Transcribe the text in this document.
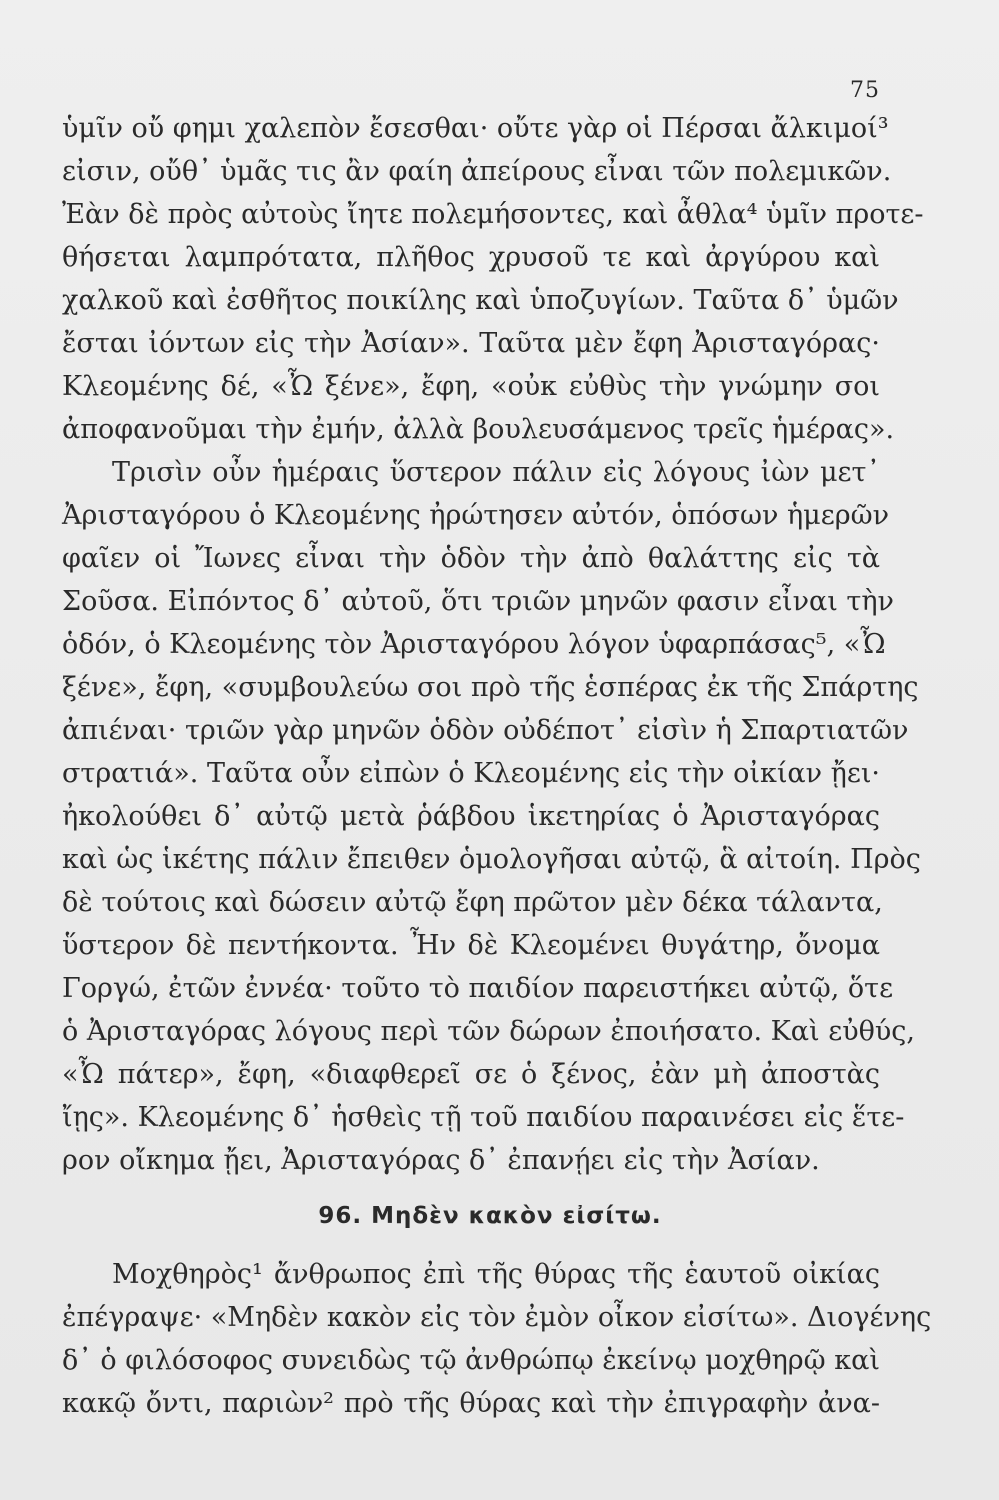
75
ὑμῖν οὔ φημι χαλεπὸν ἔσεσθαι· οὔτε γὰρ οἱ Πέρσαι ἄλκιμοί³
εἰσιν, οὔθ᾿ ὑμᾶς τις ἂν φαίη ἀπείρους εἶναι τῶν πολεμικῶν.
Ἐὰν δὲ πρὸς αὐτοὺς ἴητε πολεμήσοντες, καὶ ἆθλα⁴ ὑμῖν προτε-
θήσεται λαμπρότατα, πλῆθος χρυσοῦ τε καὶ ἀργύρου καὶ
χαλκοῦ καὶ ἐσθῆτος ποικίλης καὶ ὑποζυγίων. Ταῦτα δ᾿ ὑμῶν
ἔσται ἰόντων εἰς τὴν Ἀσίαν». Ταῦτα μὲν ἔφη Ἀρισταγόρας·
Κλεομένης δέ, «Ὦ ξένε», ἔφη, «οὐκ εὐθὺς τὴν γνώμην σοι
ἀποφανοῦμαι τὴν ἐμήν, ἀλλὰ βουλευσάμενος τρεῖς ἡμέρας».
Τρισὶν οὖν ἡμέραις ὕστερον πάλιν εἰς λόγους ἰὼν μετ᾿
Ἀρισταγόρου ὁ Κλεομένης ἠρώτησεν αὐτόν, ὁπόσων ἡμερῶν
φαῖεν οἱ Ἴωνες εἶναι τὴν ὁδὸν τὴν ἀπὸ θαλάττης εἰς τὰ
Σοῦσα. Εἰπόντος δ᾿ αὐτοῦ, ὅτι τριῶν μηνῶν φασιν εἶναι τὴν
ὁδόν, ὁ Κλεομένης τὸν Ἀρισταγόρου λόγον ὑφαρπάσας⁵, «Ὦ
ξένε», ἔφη, «συμβουλεύω σοι πρὸ τῆς ἑσπέρας ἐκ τῆς Σπάρτης
ἀπιέναι· τριῶν γὰρ μηνῶν ὁδὸν οὐδέποτ᾿ εἰσὶν ἡ Σπαρτιατῶν
στρατιά». Ταῦτα οὖν εἰπὼν ὁ Κλεομένης εἰς τὴν οἰκίαν ᾔει·
ἠκολούθει δ᾿ αὐτῷ μετὰ ῥάβδου ἱκετηρίας ὁ Ἀρισταγόρας
καὶ ὡς ἱκέτης πάλιν ἔπειθεν ὁμολογῆσαι αὐτῷ, ἃ αἰτοίη. Πρὸς
δὲ τούτοις καὶ δώσειν αὐτῷ ἔφη πρῶτον μὲν δέκα τάλαντα,
ὕστερον δὲ πεντήκοντα. Ἦν δὲ Κλεομένει θυγάτηρ, ὄνομα
Γοργώ, ἐτῶν ἐννέα· τοῦτο τὸ παιδίον παρειστήκει αὐτῷ, ὅτε
ὁ Ἀρισταγόρας λόγους περὶ τῶν δώρων ἐποιήσατο. Καὶ εὐθύς,
«Ὦ πάτερ», ἔφη, «διαφθερεῖ σε ὁ ξένος, ἐὰν μὴ ἀποστὰς
ἴῃς». Κλεομένης δ᾿ ἡσθεὶς τῇ τοῦ παιδίου παραινέσει εἰς ἕτε-
ρον οἴκημα ᾔει, Ἀρισταγόρας δ᾿ ἐπανῄει εἰς τὴν Ἀσίαν.
96. Μηδὲν κακὸν εἰσίτω.
Μοχθηρὸς¹ ἄνθρωπος ἐπὶ τῆς θύρας τῆς ἑαυτοῦ οἰκίας
ἐπέγραψε· «Μηδὲν κακὸν εἰς τὸν ἐμὸν οἶκον εἰσίτω». Διογένης
δ᾿ ὁ φιλόσοφος συνειδὼς τῷ ἀνθρώπῳ ἐκείνῳ μοχθηρῷ καὶ
κακῷ ὄντι, παριὼν² πρὸ τῆς θύρας καὶ τὴν ἐπιγραφὴν ἀνα-
